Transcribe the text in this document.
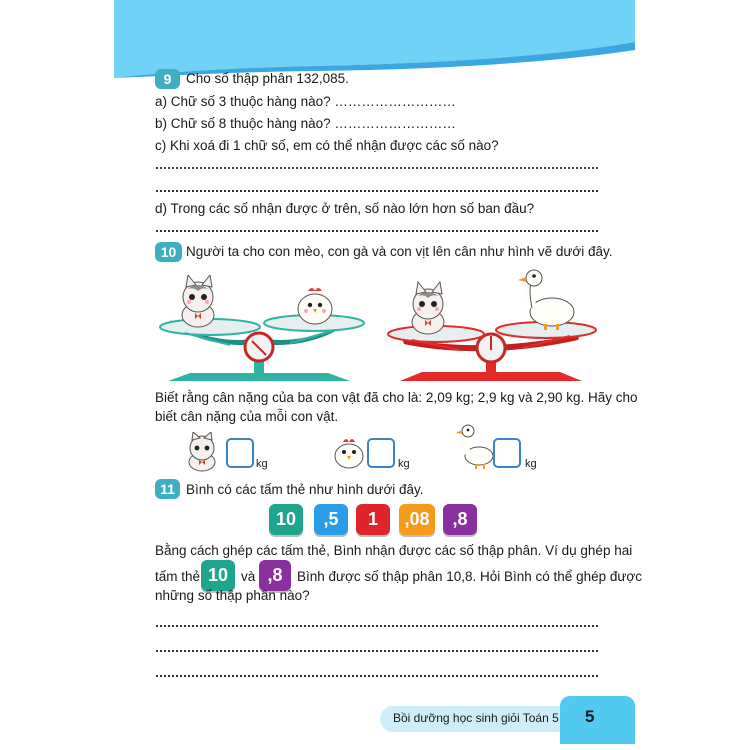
9	Cho số thập phân 132,085.
a) Chữ số 3 thuộc hàng nào? ………………………
b) Chữ số 8 thuộc hàng nào? ………………………
c) Khi xoá đi 1 chữ số, em có thể nhận được các số nào?
d) Trong các số nhận được ở trên, số nào lớn hơn số ban đầu?
10 Người ta cho con mèo, con gà và con vịt lên cân như hình vẽ dưới đây.
Biết rằng cân nặng của ba con vật đã cho là: 2,09 kg; 2,9 kg và 2,90 kg. Hãy cho
biết cân nặng của mỗi con vật.
kg	kg	kg
11 Bình có các tấm thẻ như hình dưới đây.
10	,5	1	,08	,8
Bằng cách ghép các tấm thẻ, Bình nhận được các số thập phân. Ví dụ ghép hai
tấm thẻ 10 và ,8	Bình được số thập phân 10,8. Hỏi Bình có thể ghép được
những số thập phân nào?
Bồi dưỡng học sinh giỏi Toán 5 5
